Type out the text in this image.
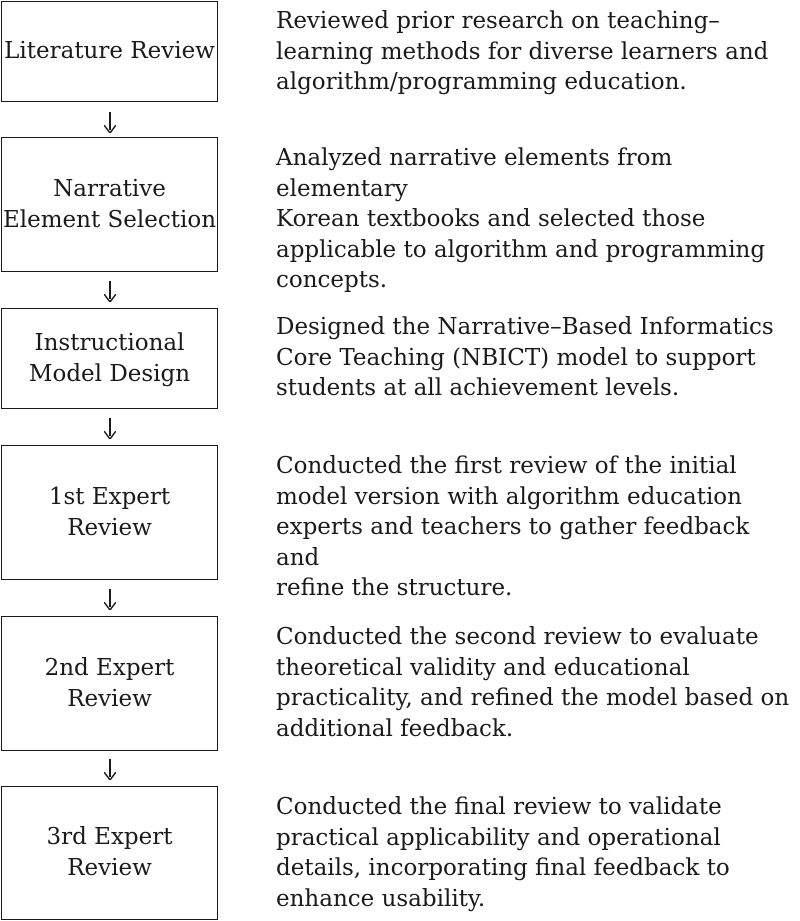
Literature Review
Reviewed prior research on teaching–
learning methods for diverse learners and
algorithm/programming education.
Narrative
Element Selection
Analyzed narrative elements from elementary
Korean textbooks and selected those
applicable to algorithm and programming
concepts.
Instructional
Model Design
Designed the Narrative–Based Informatics
Core Teaching (NBICT) model to support
students at all achievement levels.
1st Expert
Review
Conducted the first review of the initial
model version with algorithm education
experts and teachers to gather feedback and
refine the structure.
2nd Expert
Review
Conducted the second review to evaluate
theoretical validity and educational
practicality, and refined the model based on
additional feedback.
3rd Expert
Review
Conducted the final review to validate
practical applicability and operational
details, incorporating final feedback to
enhance usability.
